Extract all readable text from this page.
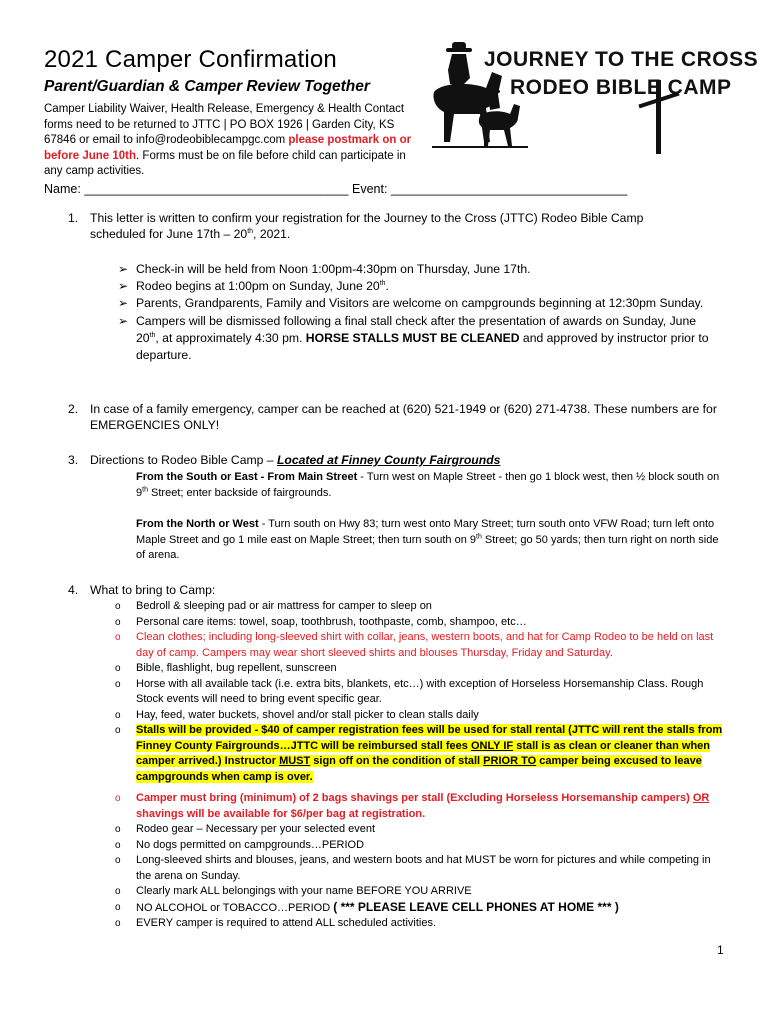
2021 Camper Confirmation
Parent/Guardian & Camper Review Together
Camper Liability Waiver, Health Release, Emergency & Health Contact forms need to be returned to JTTC | PO BOX 1926 | Garden City, KS 67846 or email to info@rodeobiblecampgc.com please postmark on or before June 10th. Forms must be on file before child can participate in any camp activities.
Name: ______________________________________ Event: __________________________________
JOURNEY TO THE CROSS
RODEO BIBLE CAMP
1. This letter is written to confirm your registration for the Journey to the Cross (JTTC) Rodeo Bible Camp scheduled for June 17th – 20th, 2021.
➢ Check-in will be held from Noon 1:00pm-4:30pm on Thursday, June 17th.
➢ Rodeo begins at 1:00pm on Sunday, June 20th.
➢ Parents, Grandparents, Family and Visitors are welcome on campgrounds beginning at 12:30pm Sunday.
➢ Campers will be dismissed following a final stall check after the presentation of awards on Sunday, June 20th, at approximately 4:30 pm. HORSE STALLS MUST BE CLEANED and approved by instructor prior to departure.
2. In case of a family emergency, camper can be reached at (620) 521-1949 or (620) 271-4738. These numbers are for EMERGENCIES ONLY!
3. Directions to Rodeo Bible Camp – Located at Finney County Fairgrounds
From the South or East - From Main Street - Turn west on Maple Street - then go 1 block west, then ½ block south on 9th Street; enter backside of fairgrounds.
From the North or West - Turn south on Hwy 83; turn west onto Mary Street; turn south onto VFW Road; turn left onto Maple Street and go 1 mile east on Maple Street; then turn south on 9th Street; go 50 yards; then turn right on north side of arena.
4. What to bring to Camp:
o Bedroll & sleeping pad or air mattress for camper to sleep on
o Personal care items: towel, soap, toothbrush, toothpaste, comb, shampoo, etc…
o Clean clothes; including long-sleeved shirt with collar, jeans, western boots, and hat for Camp Rodeo to be held on last day of camp. Campers may wear short sleeved shirts and blouses Thursday, Friday and Saturday.
o Bible, flashlight, bug repellent, sunscreen
o Horse with all available tack (i.e. extra bits, blankets, etc…) with exception of Horseless Horsemanship Class. Rough Stock events will need to bring event specific gear.
o Hay, feed, water buckets, shovel and/or stall picker to clean stalls daily
o Stalls will be provided - $40 of camper registration fees will be used for stall rental (JTTC will rent the stalls from Finney County Fairgrounds…JTTC will be reimbursed stall fees ONLY IF stall is as clean or cleaner than when camper arrived.) Instructor MUST sign off on the condition of stall PRIOR TO camper being excused to leave campgrounds when camp is over.
o Camper must bring (minimum) of 2 bags shavings per stall (Excluding Horseless Horsemanship campers) OR shavings will be available for $6/per bag at registration.
o Rodeo gear – Necessary per your selected event
o No dogs permitted on campgrounds…PERIOD
o Long-sleeved shirts and blouses, jeans, and western boots and hat MUST be worn for pictures and while competing in the arena on Sunday.
o Clearly mark ALL belongings with your name BEFORE YOU ARRIVE
o NO ALCOHOL or TOBACCO…PERIOD ( *** PLEASE LEAVE CELL PHONES AT HOME *** )
o EVERY camper is required to attend ALL scheduled activities.
1
